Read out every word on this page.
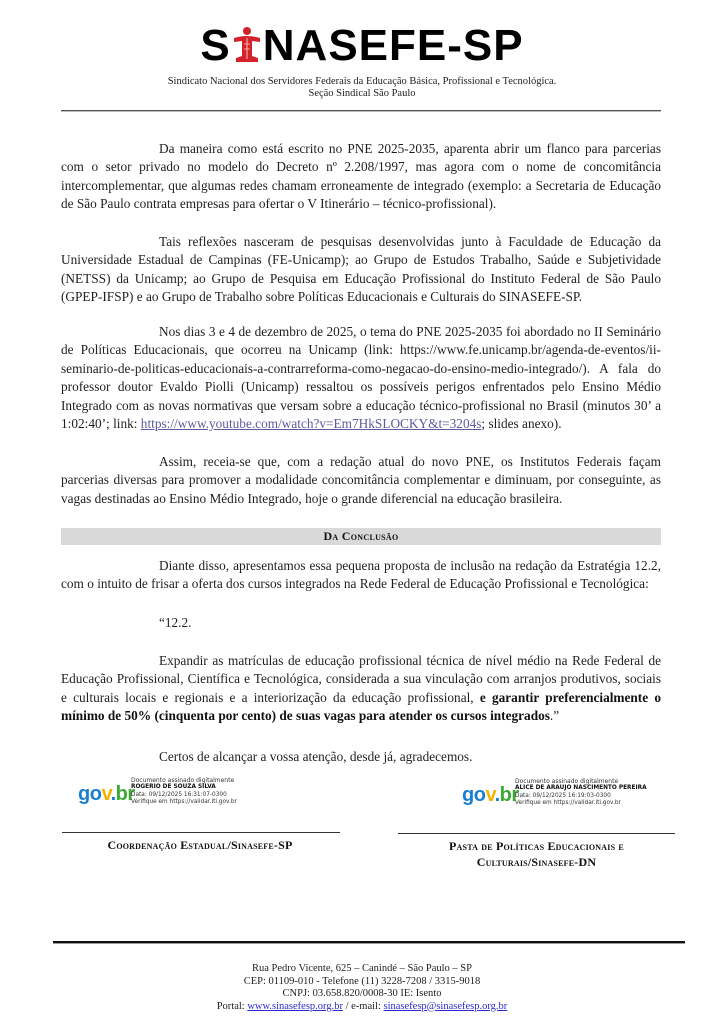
S NASEFE-SP
Sindicato Nacional dos Servidores Federais da Educação Básica, Profissional e Tecnológica.
Seção Sindical São Paulo
Da maneira como está escrito no PNE 2025-2035, aparenta abrir um flanco para parcerias com o setor privado no modelo do Decreto nº 2.208/1997, mas agora com o nome de concomitância intercomplementar, que algumas redes chamam erroneamente de integrado (exemplo: a Secretaria de Educação de São Paulo contrata empresas para ofertar o V Itinerário – técnico-profissional).
Tais reflexões nasceram de pesquisas desenvolvidas junto à Faculdade de Educação da Universidade Estadual de Campinas (FE-Unicamp); ao Grupo de Estudos Trabalho, Saúde e Subjetividade (NETSS) da Unicamp; ao Grupo de Pesquisa em Educação Profissional do Instituto Federal de São Paulo (GPEP-IFSP) e ao Grupo de Trabalho sobre Políticas Educacionais e Culturais do SINASEFE-SP.
Nos dias 3 e 4 de dezembro de 2025, o tema do PNE 2025-2035 foi abordado no II Seminário de Políticas Educacionais, que ocorreu na Unicamp (link: https://www.fe.unicamp.br/agenda-de-eventos/ii-seminario-de-politicas-educacionais-a-contrarreforma-como-negacao-do-ensino-medio-integrado/). A fala do professor doutor Evaldo Piolli (Unicamp) ressaltou os possíveis perigos enfrentados pelo Ensino Médio Integrado com as novas normativas que versam sobre a educação técnico-profissional no Brasil (minutos 30’ a 1:02:40’; link: https://www.youtube.com/watch?v=Em7HkSLOCKY&t=3204s; slides anexo).
Assim, receia-se que, com a redação atual do novo PNE, os Institutos Federais façam parcerias diversas para promover a modalidade concomitância complementar e diminuam, por conseguinte, as vagas destinadas ao Ensino Médio Integrado, hoje o grande diferencial na educação brasileira.
Da Conclusão
Diante disso, apresentamos essa pequena proposta de inclusão na redação da Estratégia 12.2, com o intuito de frisar a oferta dos cursos integrados na Rede Federal de Educação Profissional e Tecnológica:
“12.2.
Expandir as matrículas de educação profissional técnica de nível médio na Rede Federal de Educação Profissional, Científica e Tecnológica, considerada a sua vinculação com arranjos produtivos, sociais e culturais locais e regionais e a interiorização da educação profissional, e garantir preferencialmente o mínimo de 50% (cinquenta por cento) de suas vagas para atender os cursos integrados.”
Certos de alcançar a vossa atenção, desde já, agradecemos.
Documento assinado digitalmente
gov.br
ROGERIO DE SOUZA SILVA
Data: 09/12/2025 16:31:07-0300
Verifique em https://validar.iti.gov.br
Coordenação Estadual/Sinasefe-SP
Documento assinado digitalmente
gov.br
ALICE DE ARAUJO NASCIMENTO PEREIRA
Data: 09/12/2025 16:19:03-0300
Verifique em https://validar.iti.gov.br
Pasta de Políticas Educacionais e
Culturais/Sinasefe-DN
Rua Pedro Vicente, 625 – Canindé – São Paulo – SP
CEP: 01109-010 - Telefone (11) 3228-7208 / 3315-9018
CNPJ: 03.658.820/0008-30 IE: Isento
Portal: www.sinasefesp.org.br / e-mail: sinasefesp@sinasefesp.org.br
